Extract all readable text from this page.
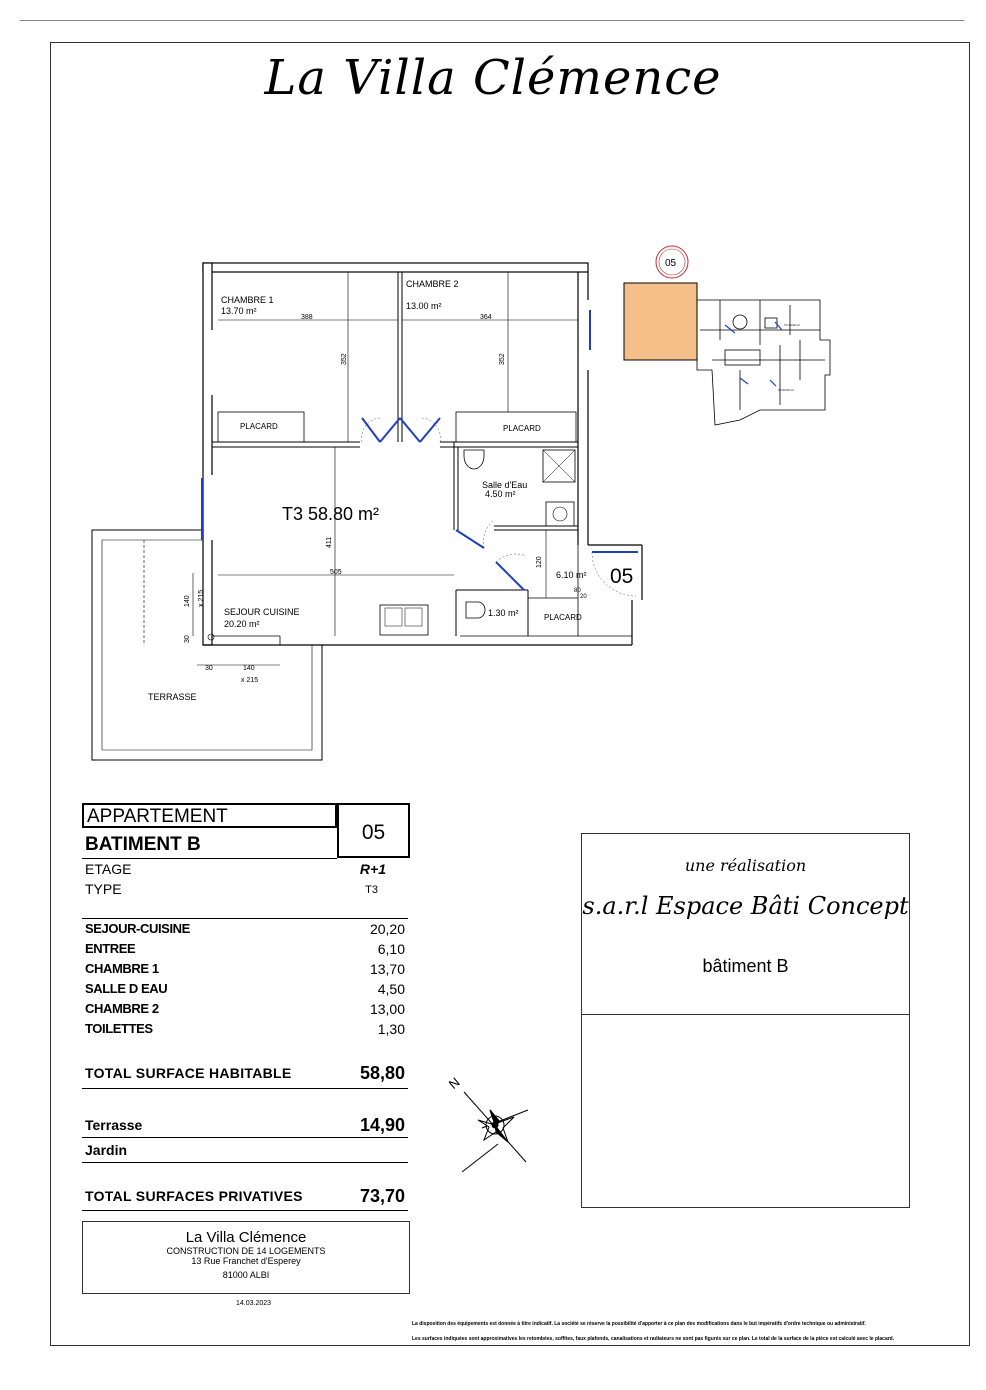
La Villa Clémence
CHAMBRE 1
13.70 m²
CHAMBRE 2
13.00 m²
PLACARD	PLACARD
PLACARD
Salle d'Eau
4.50 m²
T3 58.80 m²
6.10 m² 05
1.30 m²
SEJOUR CUISINE
20.20 m²
TERRASSE
388	364
352	352
411
505
120
80
20
140 x 215
30
30	140
x 215
05
T3 44.90 m²
T3 60.60 m²
APPARTEMENT
05
BATIMENT B
ETAGE	R+1
TYPE	T3
SEJOUR-CUISINE	20,20
ENTREE	6,10
CHAMBRE 1	13,70
SALLE D EAU	4,50
CHAMBRE 2	13,00
TOILETTES	1,30
TOTAL SURFACE HABITABLE	58,80
Terrasse	14,90
Jardin
TOTAL SURFACES PRIVATIVES	73,70
N
une réalisation
s.a.r.l Espace Bâti Concept
bâtiment B
La Villa Clémence
CONSTRUCTION DE 14 LOGEMENTS
13 Rue Franchet d'Esperey
81000 ALBI
14.03.2023
La disposition des équipements est donnée à titre indicatif. La société se réserve la possibilité d'apporter à ce plan des modifications dans le but impératifs d'ordre technique ou administratif.
Les surfaces indiquées sont approximatives les retombées, soffites, faux plafonds, canalisations et radiateurs ne sont pas figurés sur ce plan. Le total de la surface de la pièce est calculé avec le placard.
